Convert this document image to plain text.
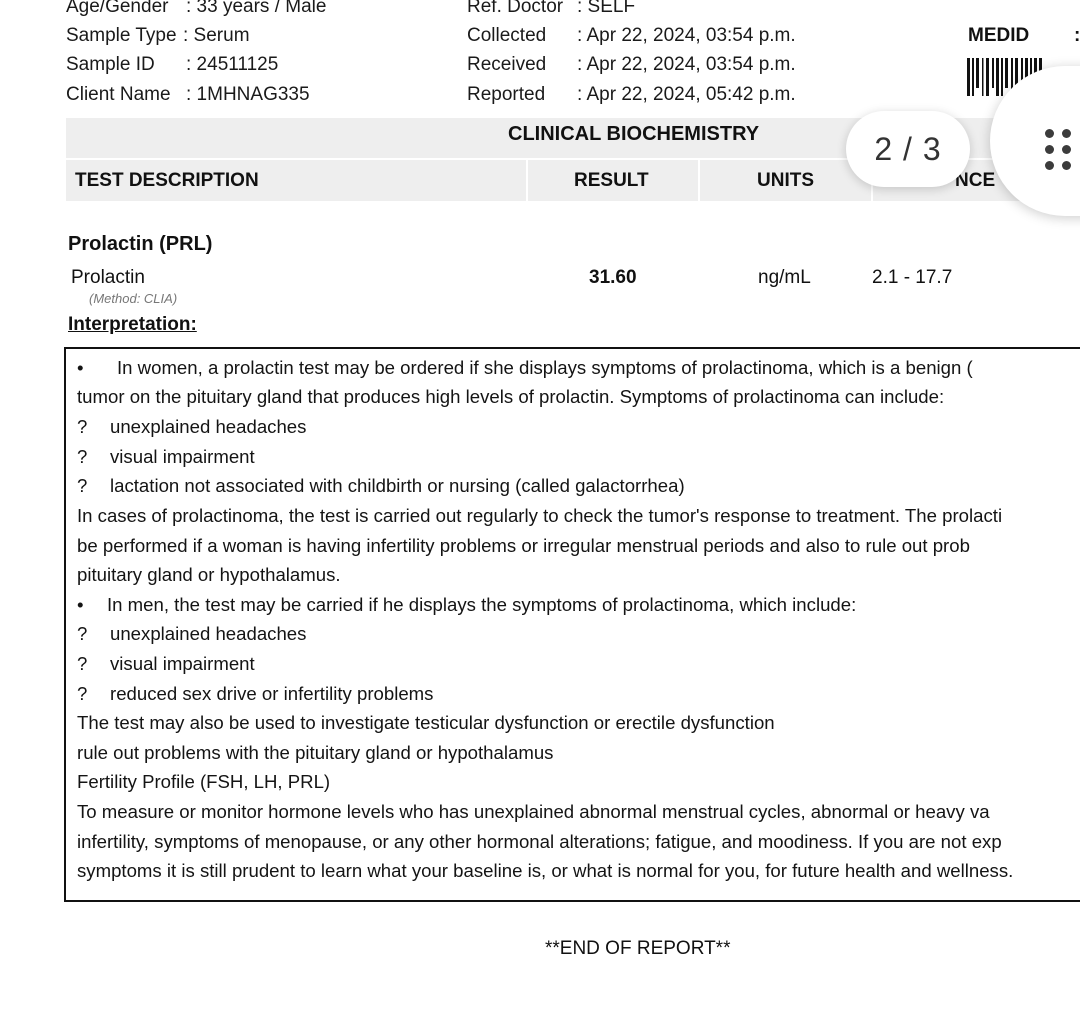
Age/Gender : 33 years / Male
Sample Type : Serum
Sample ID : 24511125
Client Name : 1MHNAG335
Ref. Doctor : SELF
Collected : Apr 22, 2024, 03:54 p.m.
Received : Apr 22, 2024, 03:54 p.m.
Reported : Apr 22, 2024, 05:42 p.m.
MEDID :
CLINICAL BIOCHEMISTRY
TEST DESCRIPTION	RESULT	UNITS	NCE
Prolactin (PRL)
Prolactin
(Method: CLIA)
31.60	ng/mL	2.1 - 17.7
Interpretation:
• In women, a prolactin test may be ordered if she displays symptoms of prolactinoma, which is a benign (
tumor on the pituitary gland that produces high levels of prolactin. Symptoms of prolactinoma can include:
? unexplained headaches
? visual impairment
? lactation not associated with childbirth or nursing (called galactorrhea)
In cases of prolactinoma, the test is carried out regularly to check the tumor's response to treatment. The prolacti
be performed if a woman is having infertility problems or irregular menstrual periods and also to rule out prob
pituitary gland or hypothalamus.
• In men, the test may be carried if he displays the symptoms of prolactinoma, which include:
? unexplained headaches
? visual impairment
? reduced sex drive or infertility problems
The test may also be used to investigate testicular dysfunction or erectile dysfunction
rule out problems with the pituitary gland or hypothalamus
Fertility Profile (FSH, LH, PRL)
To measure or monitor hormone levels who has unexplained abnormal menstrual cycles, abnormal or heavy va
infertility, symptoms of menopause, or any other hormonal alterations; fatigue, and moodiness. If you are not exp
symptoms it is still prudent to learn what your baseline is, or what is normal for you, for future health and wellness.
**END OF REPORT**
2 / 3
